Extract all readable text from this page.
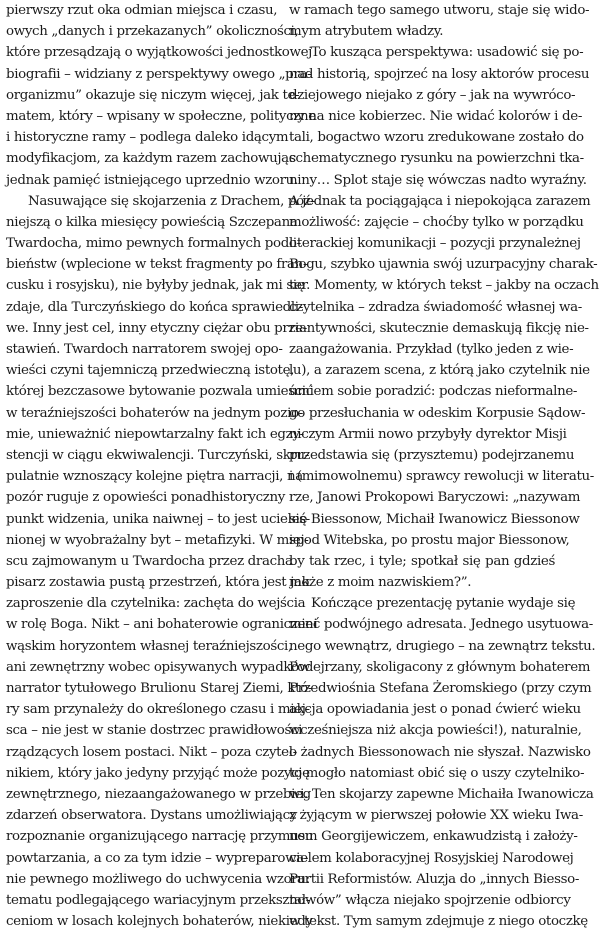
pierwszy rzut oka odmian miejsca i czasu,
owych „danych i przekazanych” okoliczności,
które przesądzają o wyjątkowości jednostkowej
biografii – widziany z perspektywy owego „pra-
organizmu” okazuje się niczym więcej, jak te-
matem, który – wpisany w społeczne, polityczne
i historyczne ramy – podlega daleko idącym
modyfikacjom, za każdym razem zachowując
jednak pamięć istniejącego uprzednio wzoru.
Nasuwające się skojarzenia z Drachem, póź-
niejszą o kilka miesięcy powieścią Szczepana
Twardocha, mimo pewnych formalnych podo-
bieństw (wplecione w tekst fragmenty po fran-
cusku i rosyjsku), nie byłyby jednak, jak mi się
zdaje, dla Turczyńskiego do końca sprawiedli-
we. Inny jest cel, inny etyczny ciężar obu prze-
stawień. Twardoch narratorem swojej opo-
wieści czyni tajemniczą przedwieczną istotę,
której bezczasowe bytowanie pozwala umieścić
w teraźniejszości bohaterów na jednym pozio-
mie, unieważnić niepowtarzalny fakt ich egzy-
stencji w ciągu ekwiwalencji. Turczyński, skru-
pulatnie wznoszący kolejne piętra narracji, na
pozór ruguje z opowieści ponadhistoryczny
punkt widzenia, unika naiwnej – to jest ucieleś-
nionej w wyobrażalny byt – metafizyki. W miej-
scu zajmowanym u Twardocha przez dracha
pisarz zostawia pustą przestrzeń, która jest jak
zaproszenie dla czytelnika: zachęta do wejścia
w rolę Boga. Nikt – ani bohaterowie ograniczeni
wąskim horyzontem własnej teraźniejszości,
ani zewnętrzny wobec opisywanych wypadków
narrator tytułowego Brulionu Starej Ziemi, któ-
ry sam przynależy do określonego czasu i miej-
sca – nie jest w stanie dostrzec prawidłowości
rządzących losem postaci. Nikt – poza czytel-
nikiem, który jako jedyny przyjąć może pozycję
zewnętrznego, niezaangażowanego w przebieg
zdarzeń obserwatora. Dystans umożliwiający
rozpoznanie organizującego narrację przymusu
powtarzania, a co za tym idzie – wypreparowa-
nie pewnego możliwego do uchwycenia wzoru:
tematu podlegającego wariacyjnym przekształ-
ceniom w losach kolejnych bohaterów, niekiedy
w ramach tego samego utworu, staje się wido-
mym atrybutem władzy.
To kusząca perspektywa: usadowić się po-
nad historią, spojrzeć na losy aktorów procesu
dziejowego niejako z góry – jak na wywróco-
ny na nice kobierzec. Nie widać kolorów i de-
tali, bogactwo wzoru zredukowane zostało do
schematycznego rysunku na powierzchni tka-
niny… Splot staje się wówczas nadto wyraźny.
A jednak ta pociągająca i niepokojąca zarazem
możliwość: zajęcie – choćby tylko w porządku
literackiej komunikacji – pozycji przynależnej
Bogu, szybko ujawnia swój uzurpacyjny charak-
ter. Momenty, w których tekst – jakby na oczach
czytelnika – zdradza świadomość własnej wa-
riantywności, skutecznie demaskują fikcję nie-
zaangażowania. Przykład (tylko jeden z wie-
lu), a zarazem scena, z którą jako czytelnik nie
umiem sobie poradzić: podczas nieformalne-
go przesłuchania w odeskim Korpusie Sądow-
niczym Armii nowo przybyły dyrektor Misji
przedstawia się (przysztemu) podejrzanemu
i (mimowolnemu) sprawcy rewolucji w literatu-
rze, Janowi Prokopowi Baryczowi: „nazywam
się Biessonow, Michaił Iwanowicz Biessonow
spod Witebska, po prostu major Biessonow,
by tak rzec, i tyle; spotkał się pan gdzieś
może z moim nazwiskiem?”.
Kończące prezentację pytanie wydaje się
mieć podwójnego adresata. Jednego usytuowa-
nego wewnątrz, drugiego – na zewnątrz tekstu.
Podejrzany, skoligacony z głównym bohaterem
Przedwiośnia Stefana Żeromskiego (przy czym
akcja opowiadania jest o ponad ćwierć wieku
wcześniejsza niż akcja powieści!), naturalnie,
o żadnych Biessonowach nie słyszał. Nazwisko
to mogło natomiast obić się o uszy czytelniko-
wi. Ten skojarzy zapewne Michaiła Iwanowicza
z żyjącym w pierwszej połowie XX wieku Iwa-
nem Georgijewiczem, enkawudzistą i założy-
cielem kolaboracyjnej Rosyjskiej Narodowej
Partii Reformistów. Aluzja do „innych Biesso-
nowów” włącza niejako spojrzenie odbiorcy
w tekst. Tym samym zdejmuje z niego otoczkę
